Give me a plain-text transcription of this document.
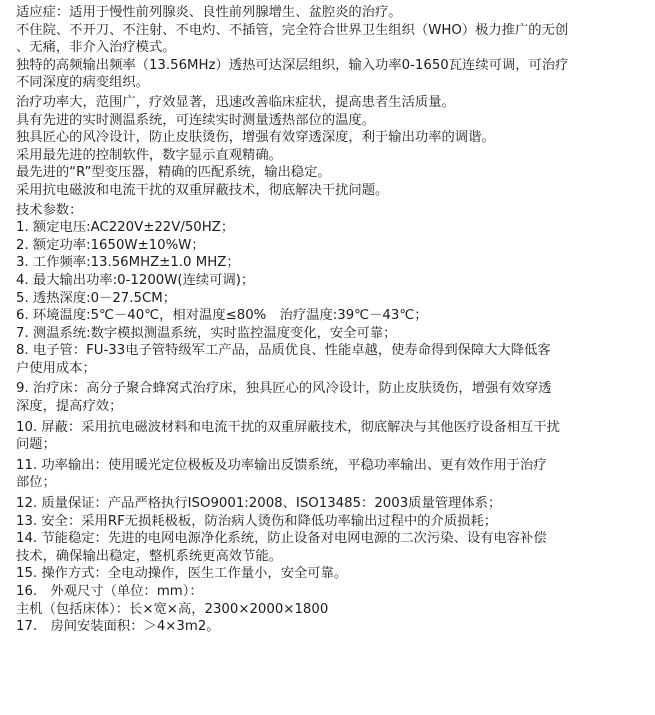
适应症：适用于慢性前列腺炎、良性前列腺增生、盆腔炎的治疗。
不住院、不开刀、不注射、不电灼、不插管，完全符合世界卫生组织（WHO）极力推广的无创
、无痛，非介入治疗模式。
独特的高频输出频率（13.56MHz）透热可达深层组织，输入功率0-1650瓦连续可调，可治疗
不同深度的病变组织。
治疗功率大，范围广，疗效显著，迅速改善临床症状，提高患者生活质量。
具有先进的实时测温系统，可连续实时测量透热部位的温度。
独具匠心的风冷设计，防止皮肤烫伤，增强有效穿透深度，利于输出功率的调谐。
采用最先进的控制软件，数字显示直观精确。
最先进的“R”型变压器，精确的匹配系统，输出稳定。
采用抗电磁波和电流干扰的双重屏蔽技术，彻底解决干扰问题。
技术参数：
1. 额定电压:AC220V±22V/50HZ；
2. 额定功率:1650W±10%W；
3. 工作频率:13.56MHZ±1.0 MHZ；
4. 最大输出功率:0-1200W(连续可调)；
5. 透热深度:0－27.5CM；
6. 环境温度:5℃－40℃，相对温度≤80%　治疗温度:39℃－43℃；
7. 测温系统:数字模拟测温系统，实时监控温度变化，安全可靠；
8. 电子管：FU-33电子管特级军工产品，品质优良、性能卓越，使寿命得到保障大大降低客
户使用成本；
9. 治疗床：高分子聚合蜂窝式治疗床，独具匠心的风冷设计，防止皮肤烫伤，增强有效穿透
深度，提高疗效；
10. 屏蔽：采用抗电磁波材料和电流干扰的双重屏蔽技术，彻底解决与其他医疗设备相互干扰
问题；
11. 功率输出：使用暖光定位极板及功率输出反馈系统，平稳功率输出、更有效作用于治疗
部位；
12. 质量保证：产品严格执行ISO9001:2008、ISO13485：2003质量管理体系；
13. 安全：采用RF无损耗极板，防治病人烫伤和降低功率输出过程中的介质损耗；
14. 节能稳定：先进的电网电源净化系统，防止设备对电网电源的二次污染、设有电容补偿
技术，确保输出稳定，整机系统更高效节能。
15. 操作方式：全电动操作，医生工作量小，安全可靠。
16.　外观尺寸（单位：mm）：
主机（包括床体）：长×宽×高，2300×2000×1800
17.　房间安装面积：＞4×3m2。
